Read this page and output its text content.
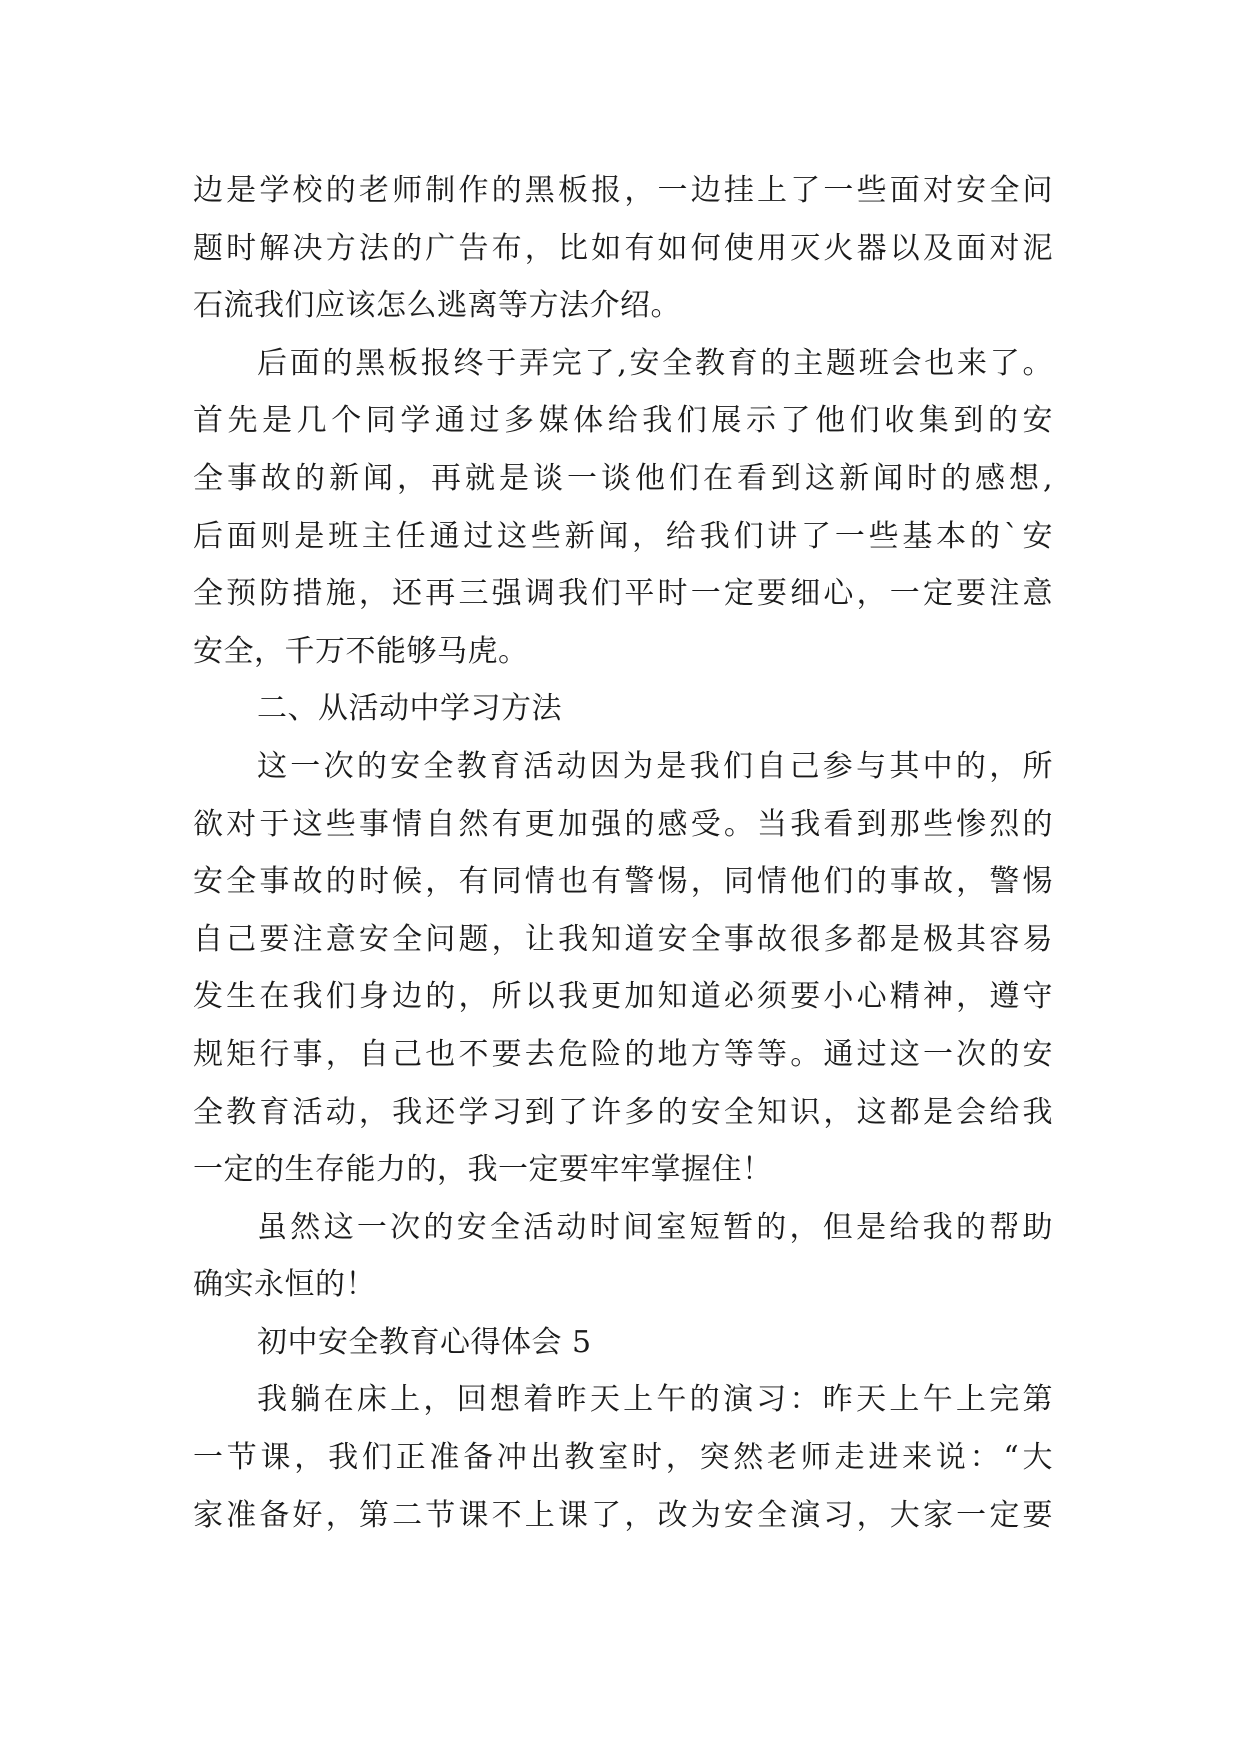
边是学校的老师制作的黑板报，一边挂上了一些面对安全问
题时解决方法的广告布，比如有如何使用灭火器以及面对泥
石流我们应该怎么逃离等方法介绍。
后面的黑板报终于弄完了,安全教育的主题班会也来了。
首先是几个同学通过多媒体给我们展示了他们收集到的安
全事故的新闻，再就是谈一谈他们在看到这新闻时的感想,
后面则是班主任通过这些新闻，给我们讲了一些基本的`安
全预防措施，还再三强调我们平时一定要细心，一定要注意
安全，千万不能够马虎。
二、从活动中学习方法
这一次的安全教育活动因为是我们自己参与其中的，所
欲对于这些事情自然有更加强的感受。当我看到那些惨烈的
安全事故的时候，有同情也有警惕，同情他们的事故，警惕
自己要注意安全问题，让我知道安全事故很多都是极其容易
发生在我们身边的，所以我更加知道必须要小心精神，遵守
规矩行事，自己也不要去危险的地方等等。通过这一次的安
全教育活动，我还学习到了许多的安全知识，这都是会给我
一定的生存能力的，我一定要牢牢掌握住！
虽然这一次的安全活动时间室短暂的，但是给我的帮助
确实永恒的！
初中安全教育心得体会 5
我躺在床上，回想着昨天上午的演习：昨天上午上完第
一节课，我们正准备冲出教室时，突然老师走进来说：“大
家准备好，第二节课不上课了，改为安全演习，大家一定要
